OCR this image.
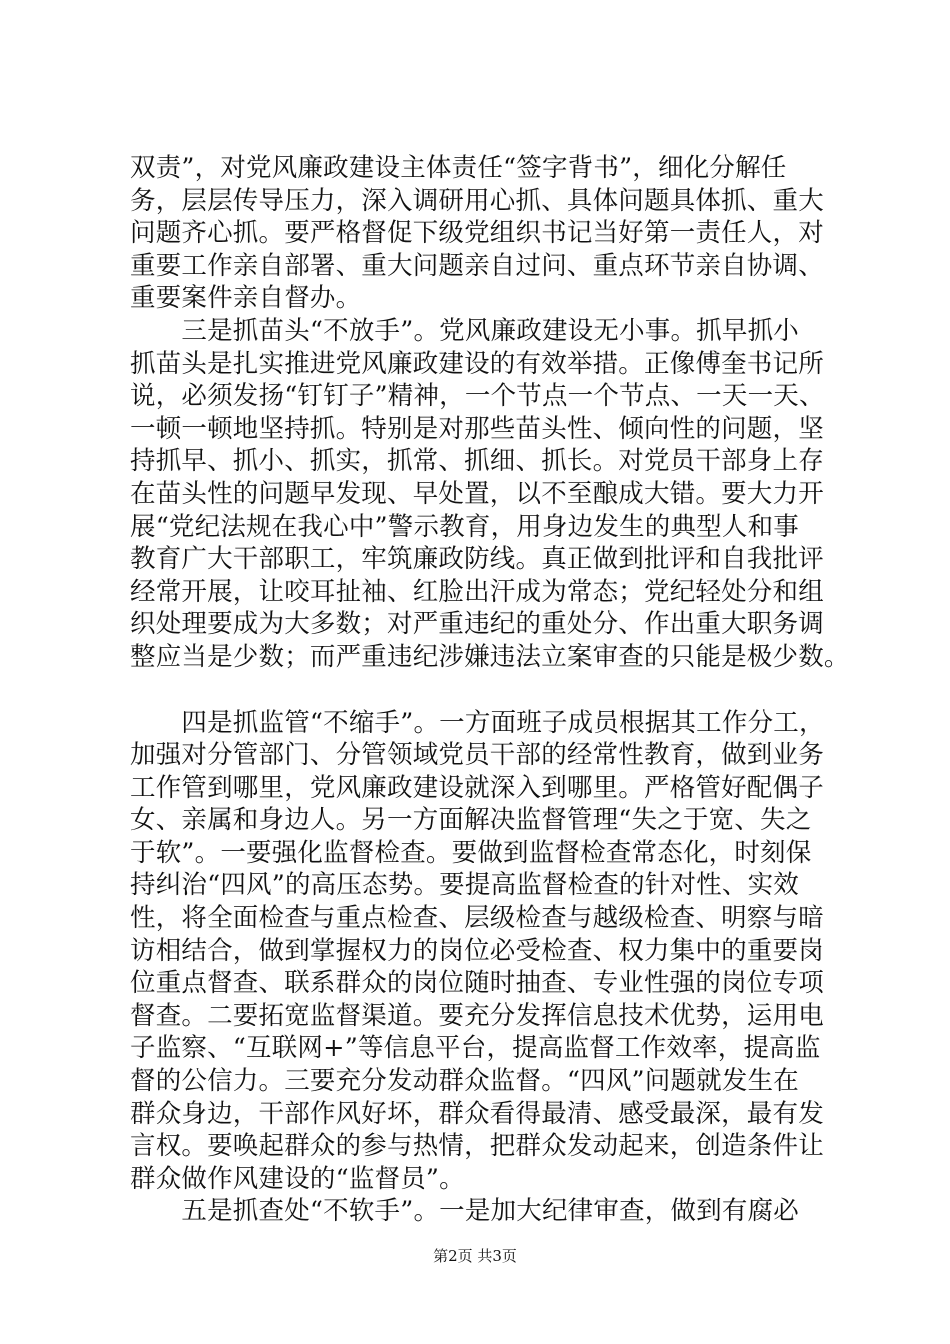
双责”，对党风廉政建设主体责任“签字背书”，细化分解任
务，层层传导压力，深入调研用心抓、具体问题具体抓、重大
问题齐心抓。要严格督促下级党组织书记当好第一责任人，对
重要工作亲自部署、重大问题亲自过问、重点环节亲自协调、
重要案件亲自督办。
　　三是抓苗头“不放手”。党风廉政建设无小事。抓早抓小
抓苗头是扎实推进党风廉政建设的有效举措。正像傅奎书记所
说，必须发扬“钉钉子”精神，一个节点一个节点、一天一天、
一顿一顿地坚持抓。特别是对那些苗头性、倾向性的问题，坚
持抓早、抓小、抓实，抓常、抓细、抓长。对党员干部身上存
在苗头性的问题早发现、早处置，以不至酿成大错。要大力开
展“党纪法规在我心中”警示教育，用身边发生的典型人和事
教育广大干部职工，牢筑廉政防线。真正做到批评和自我批评
经常开展，让咬耳扯袖、红脸出汗成为常态；党纪轻处分和组
织处理要成为大多数；对严重违纪的重处分、作出重大职务调
整应当是少数；而严重违纪涉嫌违法立案审查的只能是极少数。
　　四是抓监管“不缩手”。一方面班子成员根据其工作分工，
加强对分管部门、分管领域党员干部的经常性教育，做到业务
工作管到哪里，党风廉政建设就深入到哪里。严格管好配偶子
女、亲属和身边人。另一方面解决监督管理“失之于宽、失之
于软”。一要强化监督检查。要做到监督检查常态化，时刻保
持纠治“四风”的高压态势。要提高监督检查的针对性、实效
性，将全面检查与重点检查、层级检查与越级检查、明察与暗
访相结合，做到掌握权力的岗位必受检查、权力集中的重要岗
位重点督查、联系群众的岗位随时抽查、专业性强的岗位专项
督查。二要拓宽监督渠道。要充分发挥信息技术优势，运用电
子监察、“互联网+”等信息平台，提高监督工作效率，提高监
督的公信力。三要充分发动群众监督。“四风”问题就发生在
群众身边，干部作风好坏，群众看得最清、感受最深，最有发
言权。要唤起群众的参与热情，把群众发动起来，创造条件让
群众做作风建设的“监督员”。
　　五是抓查处“不软手”。一是加大纪律审查，做到有腐必
第2页 共3页
